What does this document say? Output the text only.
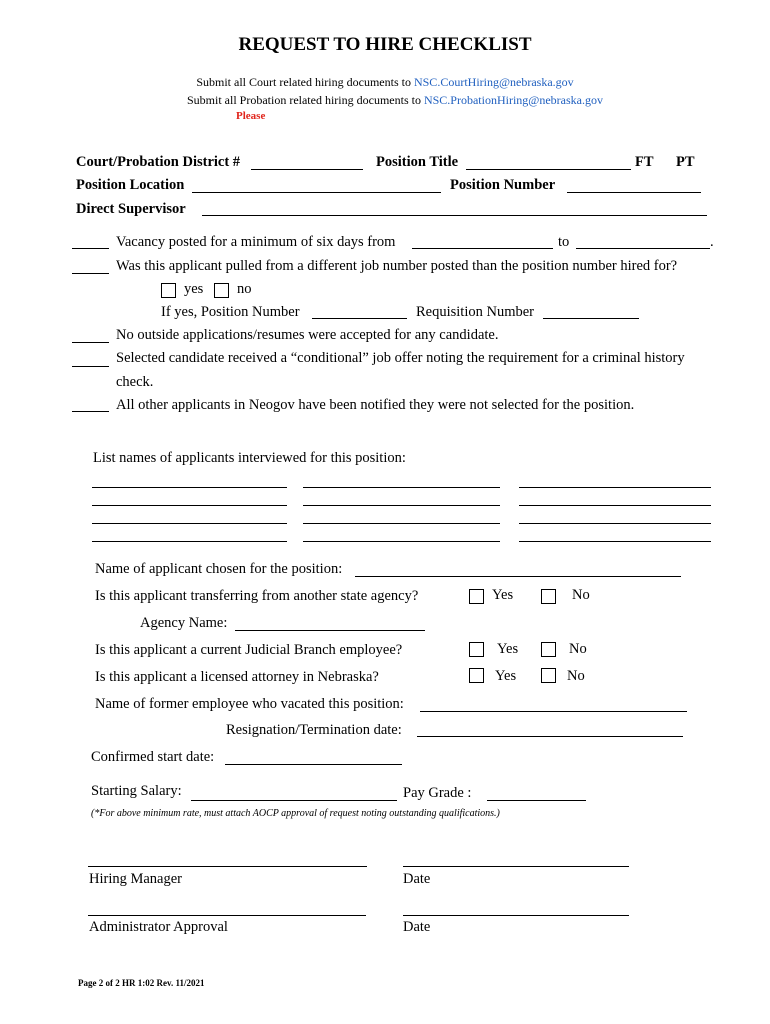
REQUEST TO HIRE CHECKLIST
Submit all Court related hiring documents to NSC.CourtHiring@nebraska.gov
Submit all Probation related hiring documents to NSC.ProbationHiring@nebraska.gov
Please
Court/Probation District #	Position Title	FT PT
Position Location	Position Number
Direct Supervisor
Vacancy posted for a minimum of six days from	to	.
Was this applicant pulled from a different job number posted than the position number hired for?
yes no
If yes, Position Number	Requisition Number
No outside applications/resumes were accepted for any candidate.
Selected candidate received a “conditional” job offer noting the requirement for a criminal history
check.
All other applicants in Neogov have been notified they were not selected for the position.
List names of applicants interviewed for this position:
Name of applicant chosen for the position:
Is this applicant transferring from another state agency?	Yes	No
Agency Name:
Is this applicant a current Judicial Branch employee?	Yes	No
Is this applicant a licensed attorney in Nebraska?	Yes	No
Name of former employee who vacated this position:
Resignation/Termination date:
Confirmed start date:
Starting Salary:	Pay Grade :
(*For above minimum rate, must attach AOCP approval of request noting outstanding qualifications.)
Hiring Manager	Date
Administrator Approval	Date
Page 2 of 2 HR 1:02 Rev. 11/2021
